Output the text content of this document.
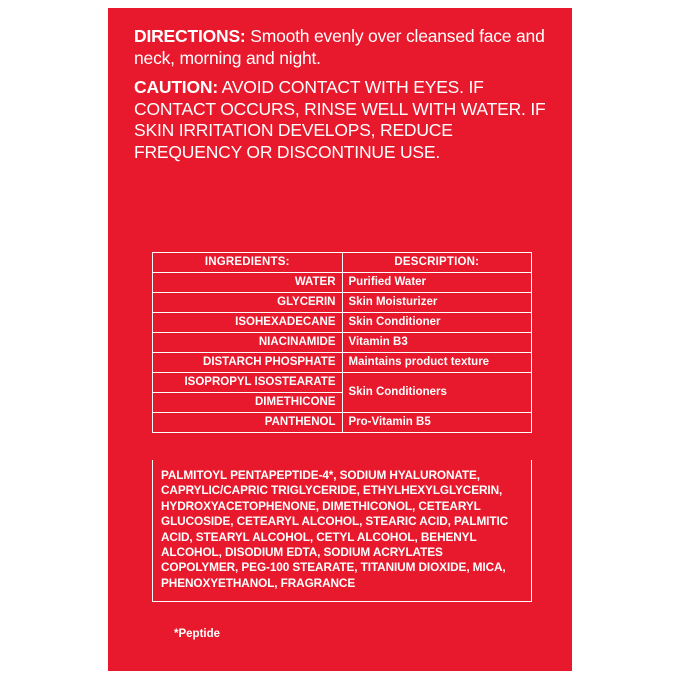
DIRECTIONS: Smooth evenly over cleansed face and neck, morning and night.
CAUTION: AVOID CONTACT WITH EYES. IF CONTACT OCCURS, RINSE WELL WITH WATER. IF SKIN IRRITATION DEVELOPS, REDUCE FREQUENCY OR DISCONTINUE USE.
INGREDIENTS:	DESCRIPTION:
WATER	Purified Water
GLYCERIN	Skin Moisturizer
ISOHEXADECANE	Skin Conditioner
NIACINAMIDE	Vitamin B3
DISTARCH PHOSPHATE	Maintains product texture
ISOPROPYL ISOSTEARATE	Skin Conditioners
DIMETHICONE	
PANTHENOL	Pro-Vitamin B5
PALMITOYL PENTAPEPTIDE-4*, SODIUM HYALURONATE, CAPRYLIC/CAPRIC TRIGLYCERIDE, ETHYLHEXYLGLYCERIN, HYDROXYACETOPHENONE, DIMETHICONOL, CETEARYL GLUCOSIDE, CETEARYL ALCOHOL, STEARIC ACID, PALMITIC ACID, STEARYL ALCOHOL, CETYL ALCOHOL, BEHENYL ALCOHOL, DISODIUM EDTA, SODIUM ACRYLATES COPOLYMER, PEG-100 STEARATE, TITANIUM DIOXIDE, MICA, PHENOXYETHANOL, FRAGRANCE
*Peptide
